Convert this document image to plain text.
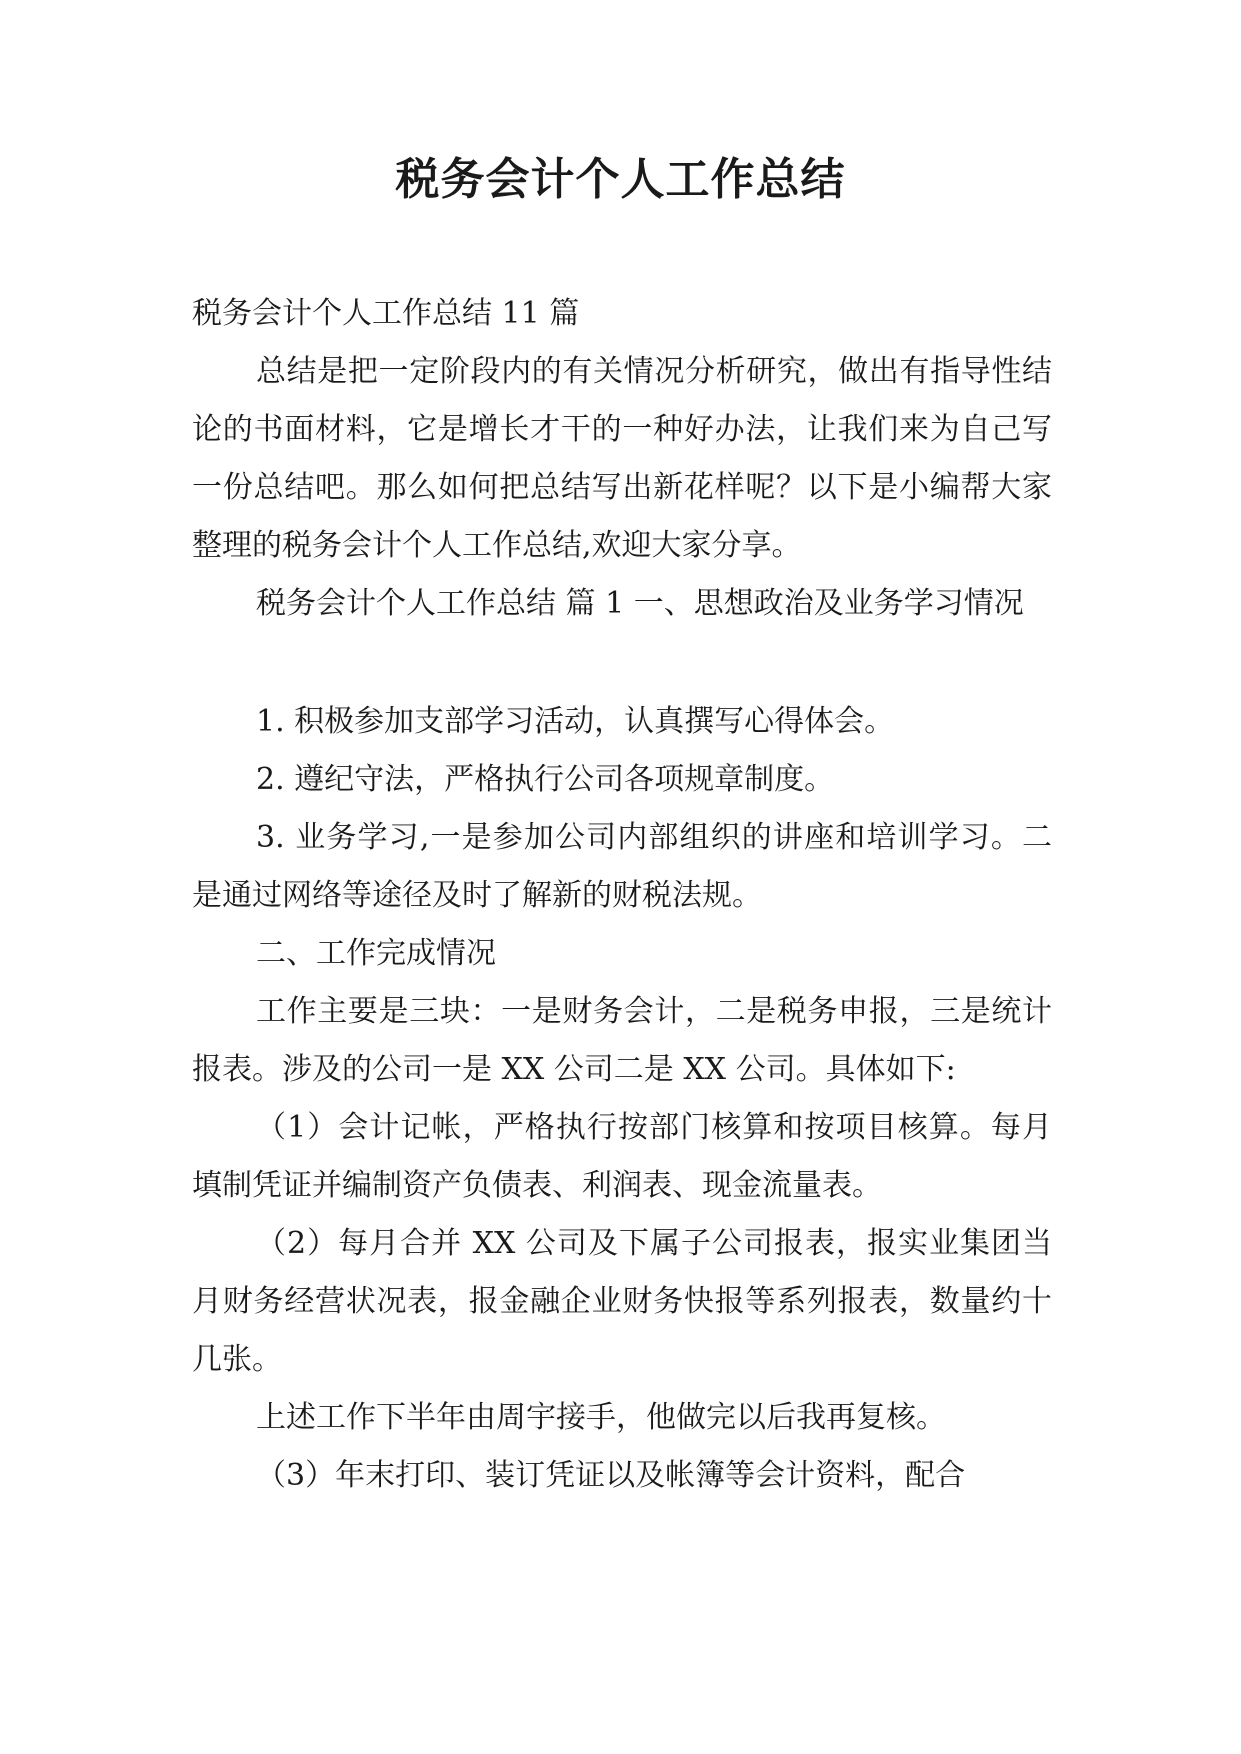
税务会计个人工作总结

税务会计个人工作总结 11 篇

总结是把一定阶段内的有关情况分析研究，做出有指导性结论的书面材料，它是增长才干的一种好办法，让我们来为自己写一份总结吧。那么如何把总结写出新花样呢？以下是小编帮大家整理的税务会计个人工作总结,欢迎大家分享。

税务会计个人工作总结 篇 1 一、思想政治及业务学习情况

1. 积极参加支部学习活动，认真撰写心得体会。

2. 遵纪守法，严格执行公司各项规章制度。

3. 业务学习,一是参加公司内部组织的讲座和培训学习。二是通过网络等途径及时了解新的财税法规。

二、工作完成情况

工作主要是三块：一是财务会计，二是税务申报，三是统计报表。涉及的公司一是 XX 公司二是 XX 公司。具体如下:

（1）会计记帐，严格执行按部门核算和按项目核算。每月填制凭证并编制资产负债表、利润表、现金流量表。

（2）每月合并 XX 公司及下属子公司报表，报实业集团当月财务经营状况表，报金融企业财务快报等系列报表，数量约十几张。

上述工作下半年由周宇接手，他做完以后我再复核。

（3）年末打印、装订凭证以及帐簿等会计资料，配合
